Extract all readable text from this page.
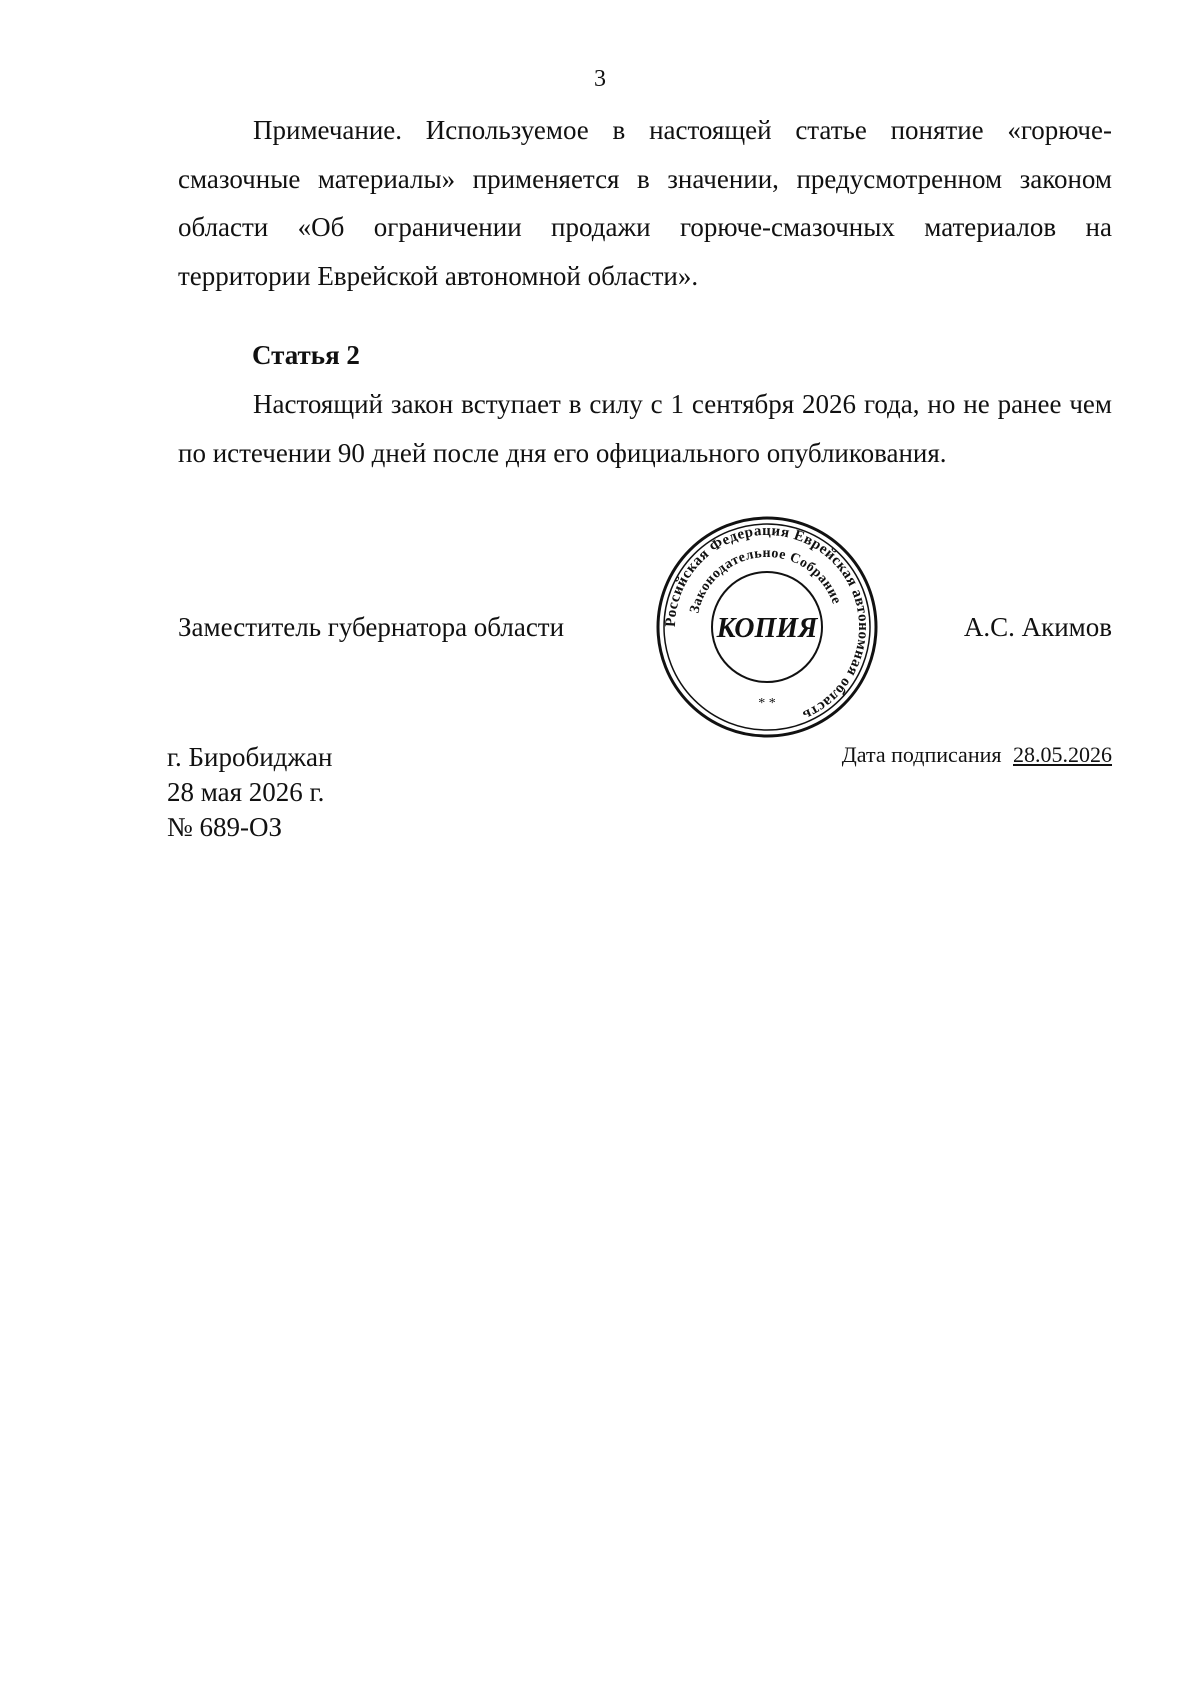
3

Примечание. Используемое в настоящей статье понятие «горюче-смазочные материалы» применяется в значении, предусмотренном законом области «Об ограничении продажи горюче-смазочных материалов на территории Еврейской автономной области».

Статья 2

Настоящий закон вступает в силу с 1 сентября 2026 года, но не ранее чем по истечении 90 дней после дня его официального опубликования.

Заместитель губернатора области	Российская Федерация Еврейская автономная область
Законодательное Собрание
КОПИЯ
* *
А.С. Акимов
г. Биробиджан
28 мая 2026 г.
№ 689-ОЗ
Дата подписания 28.05.2026
